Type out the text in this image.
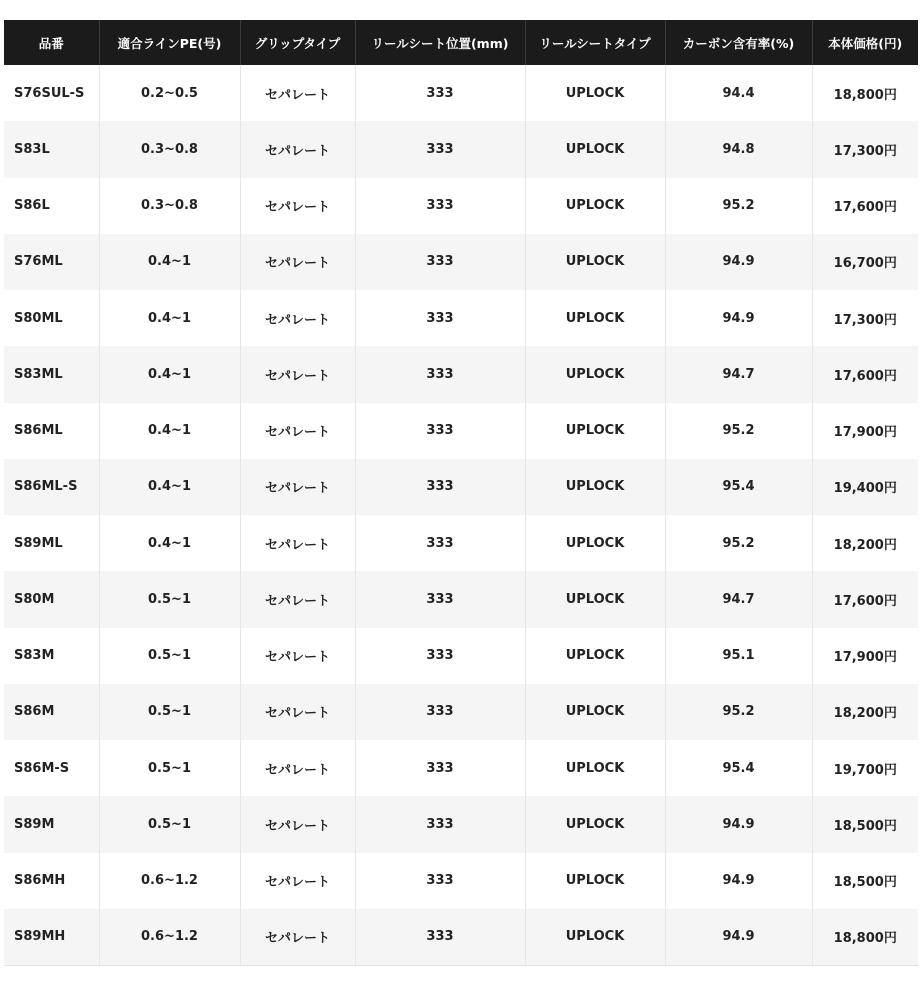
品番	適合ラインPE(号)	グリップタイプ	リールシート位置(mm)	リールシートタイプ	カーボン含有率(%)	本体価格(円)
S76SUL-S	0.2~0.5	セパレート	333	UPLOCK	94.4	18,800円
S83L	0.3~0.8	セパレート	333	UPLOCK	94.8	17,300円
S86L	0.3~0.8	セパレート	333	UPLOCK	95.2	17,600円
S76ML	0.4~1	セパレート	333	UPLOCK	94.9	16,700円
S80ML	0.4~1	セパレート	333	UPLOCK	94.9	17,300円
S83ML	0.4~1	セパレート	333	UPLOCK	94.7	17,600円
S86ML	0.4~1	セパレート	333	UPLOCK	95.2	17,900円
S86ML-S	0.4~1	セパレート	333	UPLOCK	95.4	19,400円
S89ML	0.4~1	セパレート	333	UPLOCK	95.2	18,200円
S80M	0.5~1	セパレート	333	UPLOCK	94.7	17,600円
S83M	0.5~1	セパレート	333	UPLOCK	95.1	17,900円
S86M	0.5~1	セパレート	333	UPLOCK	95.2	18,200円
S86M-S	0.5~1	セパレート	333	UPLOCK	95.4	19,700円
S89M	0.5~1	セパレート	333	UPLOCK	94.9	18,500円
S86MH	0.6~1.2	セパレート	333	UPLOCK	94.9	18,500円
S89MH	0.6~1.2	セパレート	333	UPLOCK	94.9	18,800円
